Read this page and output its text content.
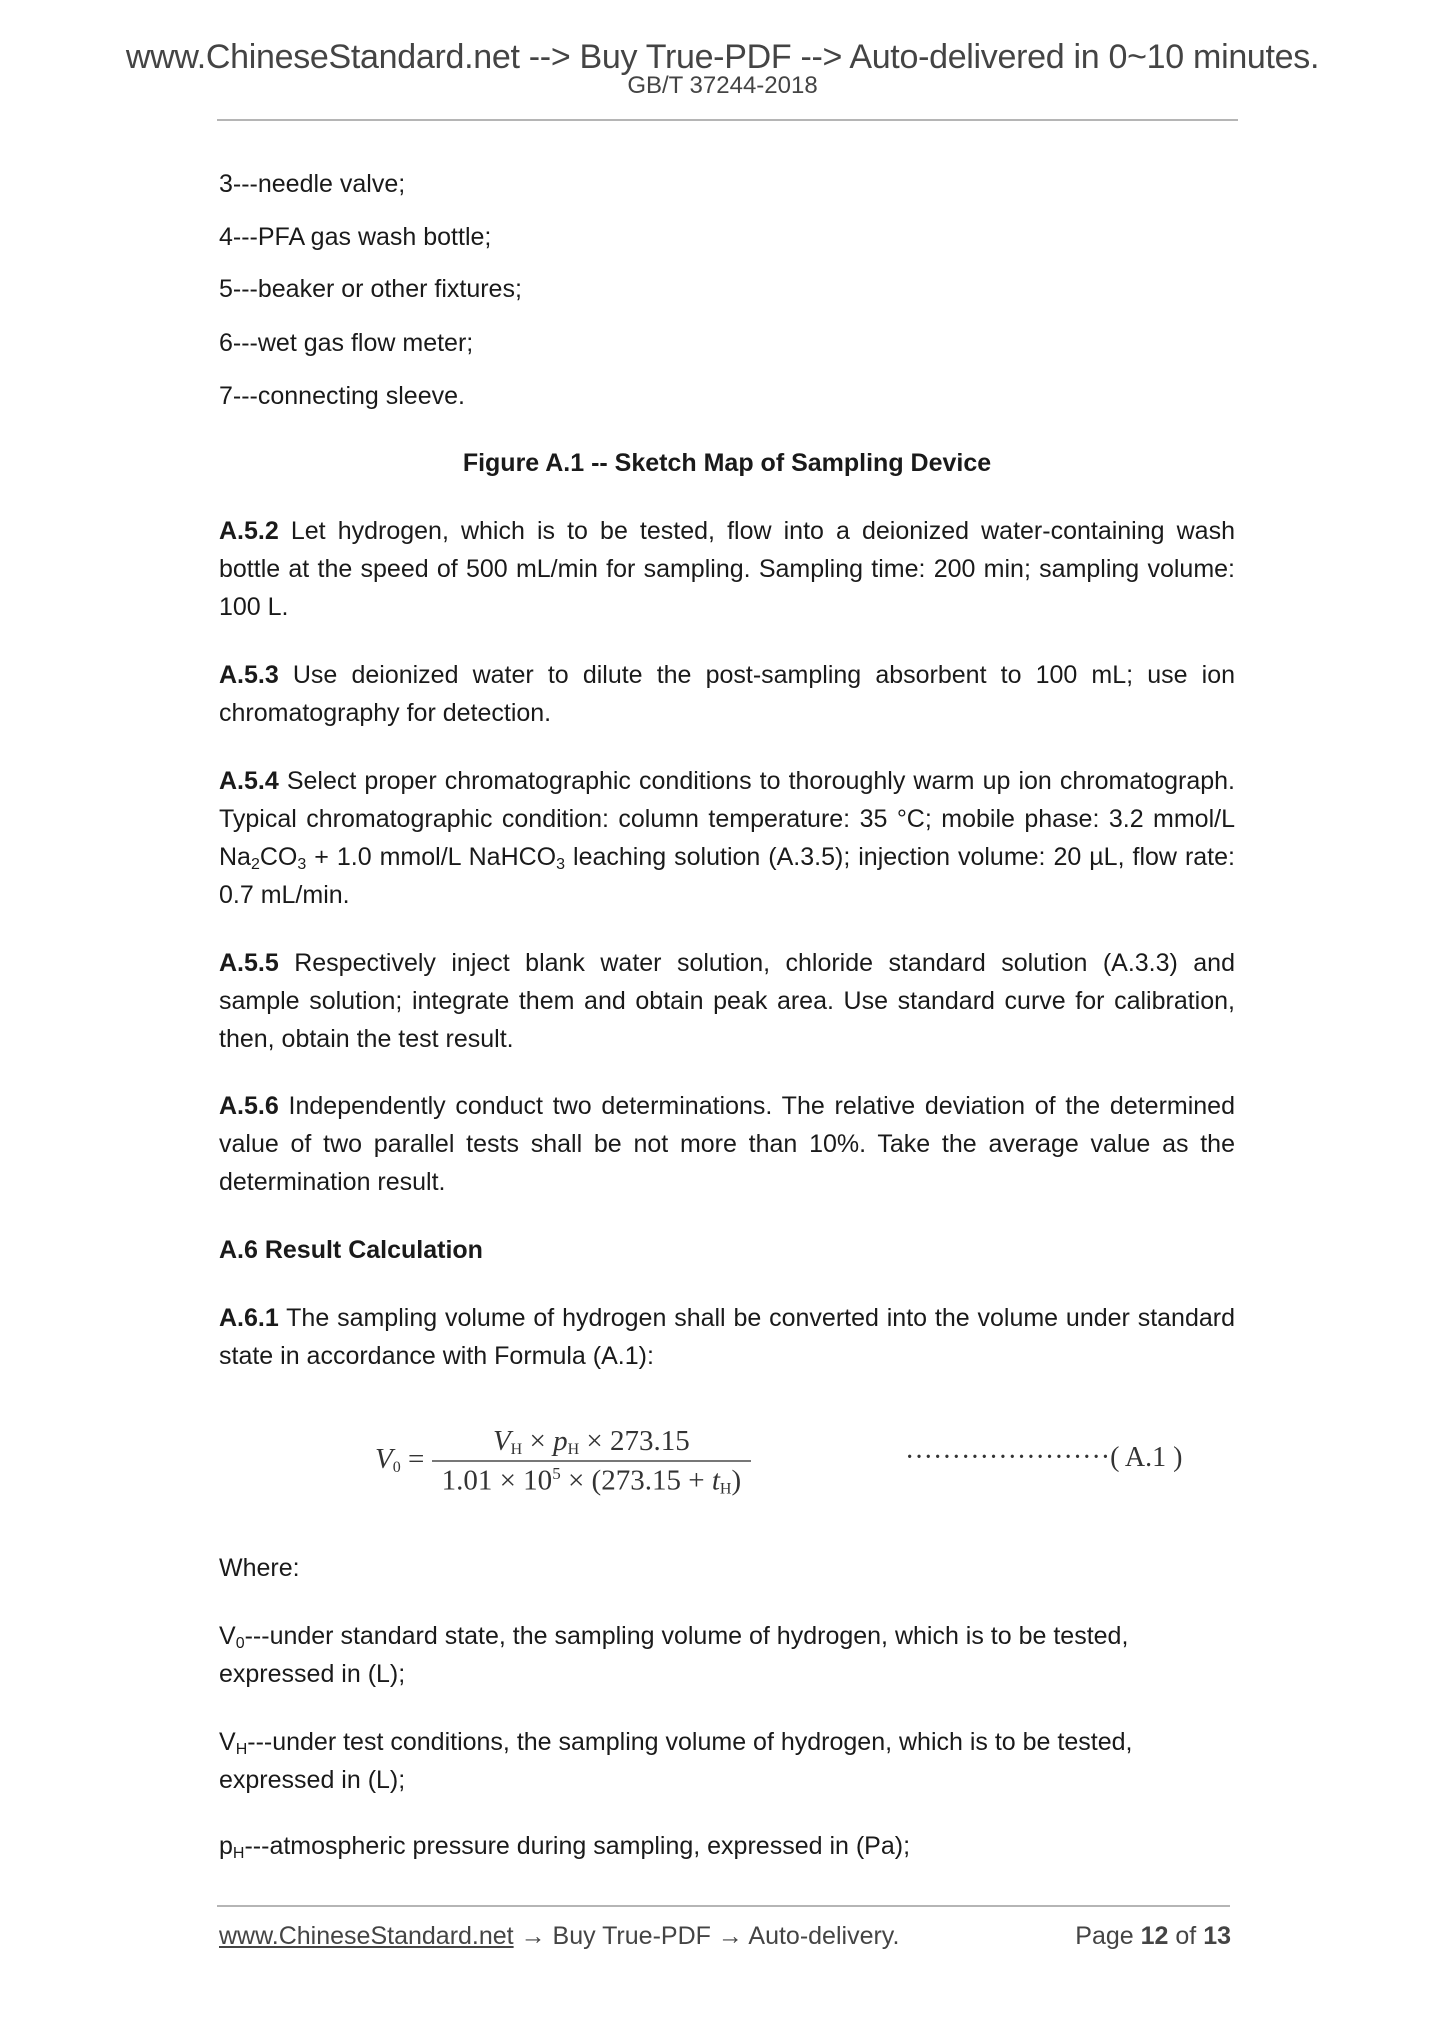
www.ChineseStandard.net --> Buy True-PDF --> Auto-delivered in 0~10 minutes.
GB/T 37244-2018
3---needle valve;
4---PFA gas wash bottle;
5---beaker or other fixtures;
6---wet gas flow meter;
7---connecting sleeve.
Figure A.1 -- Sketch Map of Sampling Device
A.5.2 Let hydrogen, which is to be tested, flow into a deionized water-containing wash bottle at the speed of 500 mL/min for sampling. Sampling time: 200 min; sampling volume: 100 L.
A.5.3 Use deionized water to dilute the post-sampling absorbent to 100 mL; use ion chromatography for detection.
A.5.4 Select proper chromatographic conditions to thoroughly warm up ion chromatograph. Typical chromatographic condition: column temperature: 35 °C; mobile phase: 3.2 mmol/L $Na_2CO_3 + 1.0$ mmol/L NaHCO$_3$ leaching solution (A.3.5); injection volume: 20 µL, flow rate: 0.7 mL/min.
A.5.5 Respectively inject blank water solution, chloride standard solution (A.3.3) and sample solution; integrate them and obtain peak area. Use standard curve for calibration, then, obtain the test result.
A.5.6 Independently conduct two determinations. The relative deviation of the determined value of two parallel tests shall be not more than 10%. Take the average value as the determination result.
A.6 Result Calculation
A.6.1 The sampling volume of hydrogen shall be converted into the volume under standard state in accordance with Formula (A.1):
$V_0 = \frac{V_H \times p_H \times 273.15}{1.01 \times 10^5 \times (273.15 + t_H)}$	······················( A.1 )
Where:
$V_0--$-under standard state, the sampling volume of hydrogen, which is to be tested, expressed in (L);
$V_H--$-under test conditions, the sampling volume of hydrogen, which is to be tested, expressed in (L);
$p_H--$-atmospheric pressure during sampling, expressed in (Pa);
www.ChineseStandard.net → Buy True-PDF → Auto-delivery.	Page 12 of 13
